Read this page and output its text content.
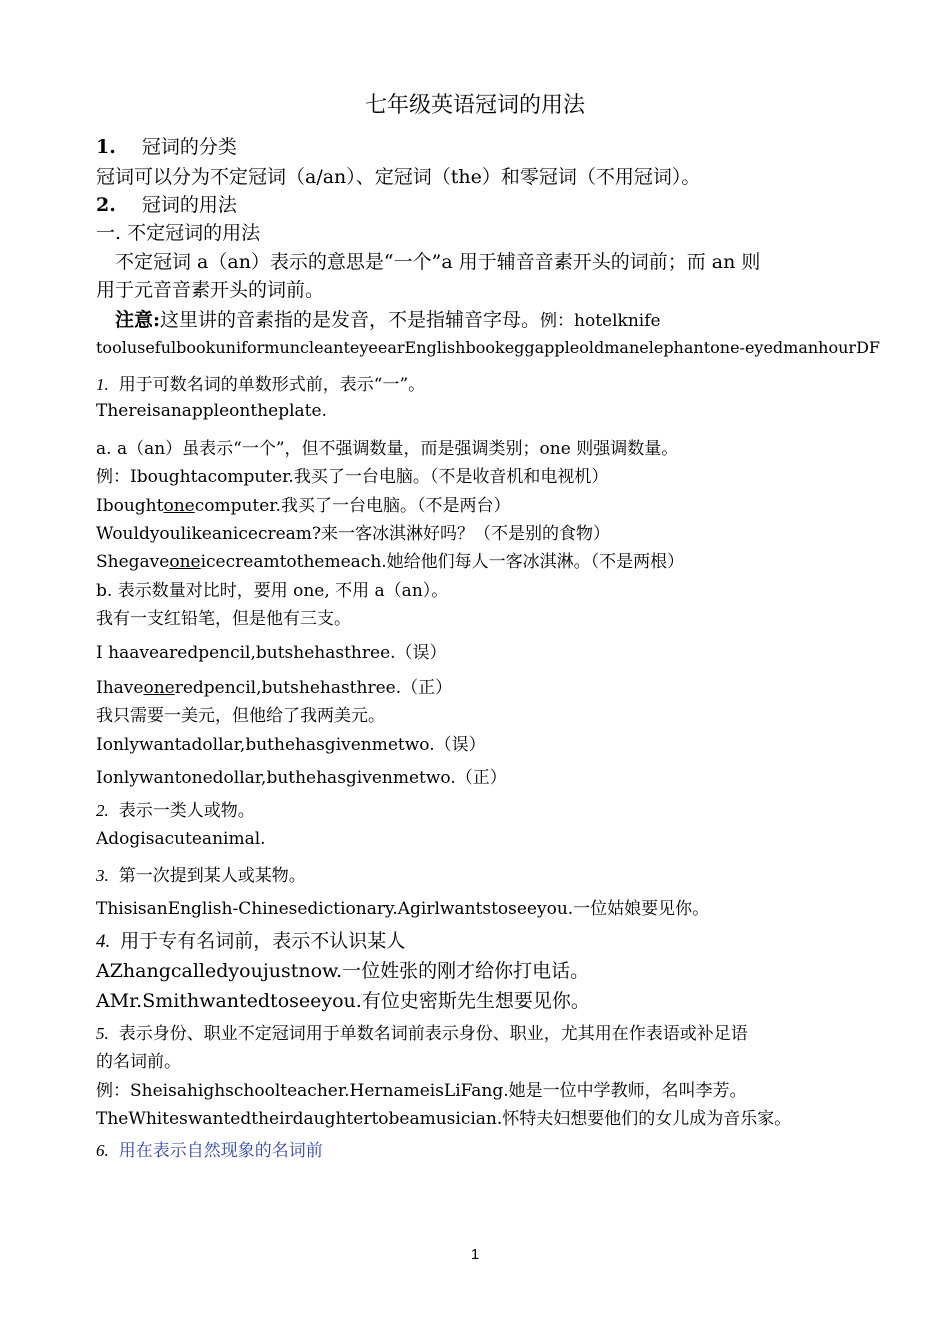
七年级英语冠词的用法
1. 冠词的分类
冠词可以分为不定冠词（a/an）、定冠词（the）和零冠词（不用冠词）。
2. 冠词的用法
一. 不定冠词的用法
　不定冠词 a（an）表示的意思是“一个”a 用于辅音音素开头的词前；而 an 则
用于元音音素开头的词前。
　注意:这里讲的音素指的是发音，不是指辅音字母。例：hotelknife
toolusefulbookuniformuncleanteyeearEnglishbookeggappleoldmanelephantone-eyedmanhourDF
1. 用于可数名词的单数形式前，表示“一”。
Thereisanappleontheplate.
a. a（an）虽表示“一个”，但不强调数量，而是强调类别；one 则强调数量。
例：Iboughtacomputer.我买了一台电脑。（不是收音机和电视机）
Iboughtonecomputer.我买了一台电脑。（不是两台）
Wouldyoulikeanicecream?来一客冰淇淋好吗？（不是别的食物）
Shegaveoneicecreamtothemeach.她给他们每人一客冰淇淋。（不是两根）
b. 表示数量对比时，要用 one, 不用 a（an）。
我有一支红铅笔，但是他有三支。
I haavearedpencil,butshehasthree.（误）
Ihaveoneredpencil,butshehasthree.（正）
我只需要一美元，但他给了我两美元。
Ionlywantadollar,buthehasgivenmetwo.（误）
Ionlywantonedollar,buthehasgivenmetwo.（正）
2. 表示一类人或物。
Adogisacuteanimal.
3. 第一次提到某人或某物。
ThisisanEnglish-Chinesedictionary.Agirlwantstoseeyou.一位姑娘要见你。
4. 用于专有名词前，表示不认识某人
AZhangcalledyoujustnow.一位姓张的刚才给你打电话。
AMr.Smithwantedtoseeyou.有位史密斯先生想要见你。
5. 表示身份、职业不定冠词用于单数名词前表示身份、职业，尤其用在作表语或补足语
的名词前。
例：Sheisahighschoolteacher.HernameisLiFang.她是一位中学教师，名叫李芳。
TheWhiteswantedtheirdaughtertobeamusician.怀特夫妇想要他们的女儿成为音乐家。
6. 用在表示自然现象的名词前
1
